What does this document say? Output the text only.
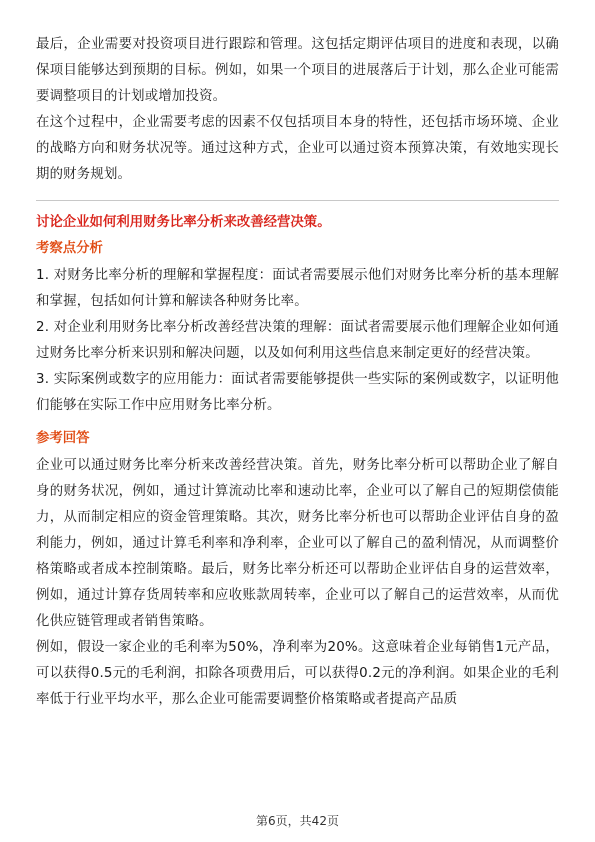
最后，企业需要对投资项目进行跟踪和管理。这包括定期评估项目的进度和表现，以确保项目能够达到预期的目标。例如，如果一个项目的进展落后于计划，那么企业可能需要调整项目的计划或增加投资。

在这个过程中，企业需要考虑的因素不仅包括项目本身的特性，还包括市场环境、企业的战略方向和财务状况等。通过这种方式，企业可以通过资本预算决策，有效地实现长期的财务规划。

讨论企业如何利用财务比率分析来改善经营决策。

考察点分析

1. 对财务比率分析的理解和掌握程度：面试者需要展示他们对财务比率分析的基本理解和掌握，包括如何计算和解读各种财务比率。

2. 对企业利用财务比率分析改善经营决策的理解：面试者需要展示他们理解企业如何通过财务比率分析来识别和解决问题，以及如何利用这些信息来制定更好的经营决策。

3. 实际案例或数字的应用能力：面试者需要能够提供一些实际的案例或数字，以证明他们能够在实际工作中应用财务比率分析。

参考回答

企业可以通过财务比率分析来改善经营决策。首先，财务比率分析可以帮助企业了解自身的财务状况，例如，通过计算流动比率和速动比率，企业可以了解自己的短期偿债能力，从而制定相应的资金管理策略。其次，财务比率分析也可以帮助企业评估自身的盈利能力，例如，通过计算毛利率和净利率，企业可以了解自己的盈利情况，从而调整价格策略或者成本控制策略。最后，财务比率分析还可以帮助企业评估自身的运营效率，例如，通过计算存货周转率和应收账款周转率，企业可以了解自己的运营效率，从而优化供应链管理或者销售策略。

例如，假设一家企业的毛利率为50%，净利率为20%。这意味着企业每销售1元产品，可以获得0.5元的毛利润，扣除各项费用后，可以获得0.2元的净利润。如果企业的毛利率低于行业平均水平，那么企业可能需要调整价格策略或者提高产品质

第6页，共42页
